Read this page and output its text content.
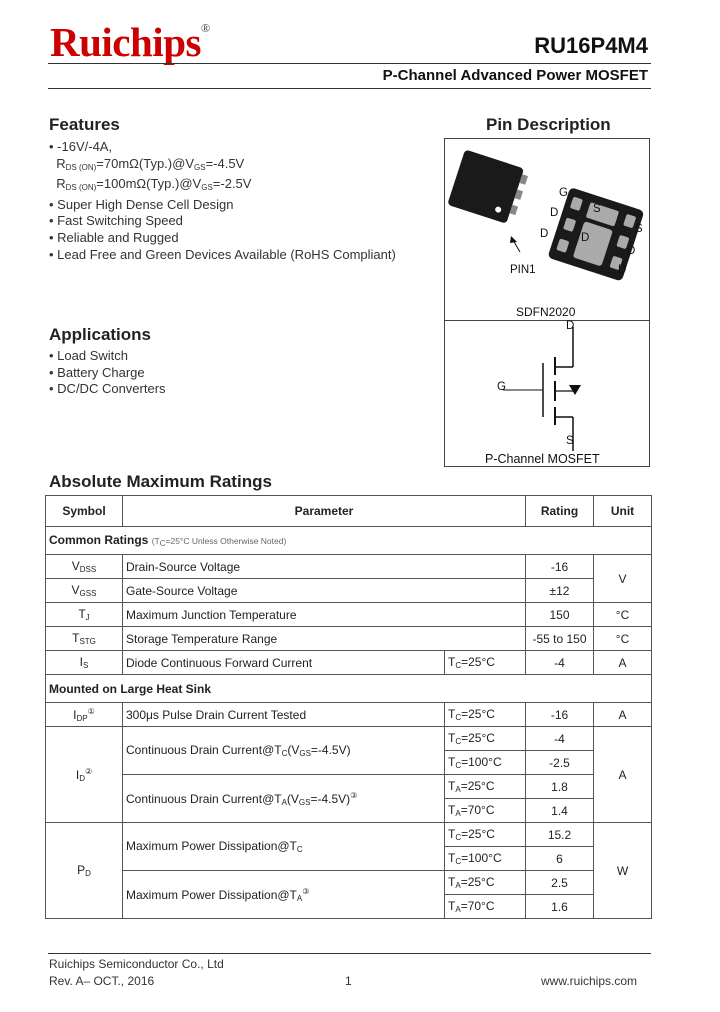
Ruichips®
RU16P4M4
P-Channel Advanced Power MOSFET
Features
• -16V/-4A,
$R_{DS (ON)}=70m\Omega(Typ.)@V_{GS}=-4.5V$
$R_{DS (ON)}=100m\Omega(Typ.)@V_{GS}=-2.5V$
• Super High Dense Cell Design
• Fast Switching Speed
• Reliable and Rugged
• Lead Free and Green Devices Available (RoHS Compliant)
Applications
• Load Switch
• Battery Charge
• DC/DC Converters
Pin Description
G
S
D
S
D	D
D
D
PIN1
SDFN2020
D
G
S
P-Channel MOSFET
Absolute Maximum Ratings
Symbol	Parameter		Rating	Unit
Common Ratings ($T_C=25^\circ C$ Unless Otherwise Noted)				
$V_{DSS}$	Drain-Source Voltage		-16	V
$V_{GSS}$	Gate-Source Voltage		±12	
$T_J$	Maximum Junction Temperature		150	°C
$T_{STG}$	Storage Temperature Range		-55 to 150	°C
$I_S$	Diode Continuous Forward Current	$T_C=25^\circ C$	-4	A
Mounted on Large Heat Sink				
$I_{DP}^①$	300μs Pulse Drain Current Tested	$T_C=25^\circ C$	-16	A
$I_D^②$	Continuous Drain $Current@T_C(V_{GS}=-4.5V)$	$T_C=25^\circ C$	-4	A
		$T_C=100^\circ C$	-2.5	
	Continuous Drain $Current@T_A(V_{GS}=-4.5V)^③$	$T_A=25^\circ C$	1.8	
		$T_A=70^\circ C$	1.4	
$P_D$	Maximum Power $Dissipation@T_C$	$T_C=25^\circ C$	15.2	W
		$T_C=100^\circ C$	6	
	Maximum Power $Dissipation@T_A^③$	$T_A=25^\circ C$	2.5	
		$T_A=70^\circ C$	1.6	
Ruichips Semiconductor Co., Ltd
Rev. A– OCT., 2016	1	www.ruichips.com
